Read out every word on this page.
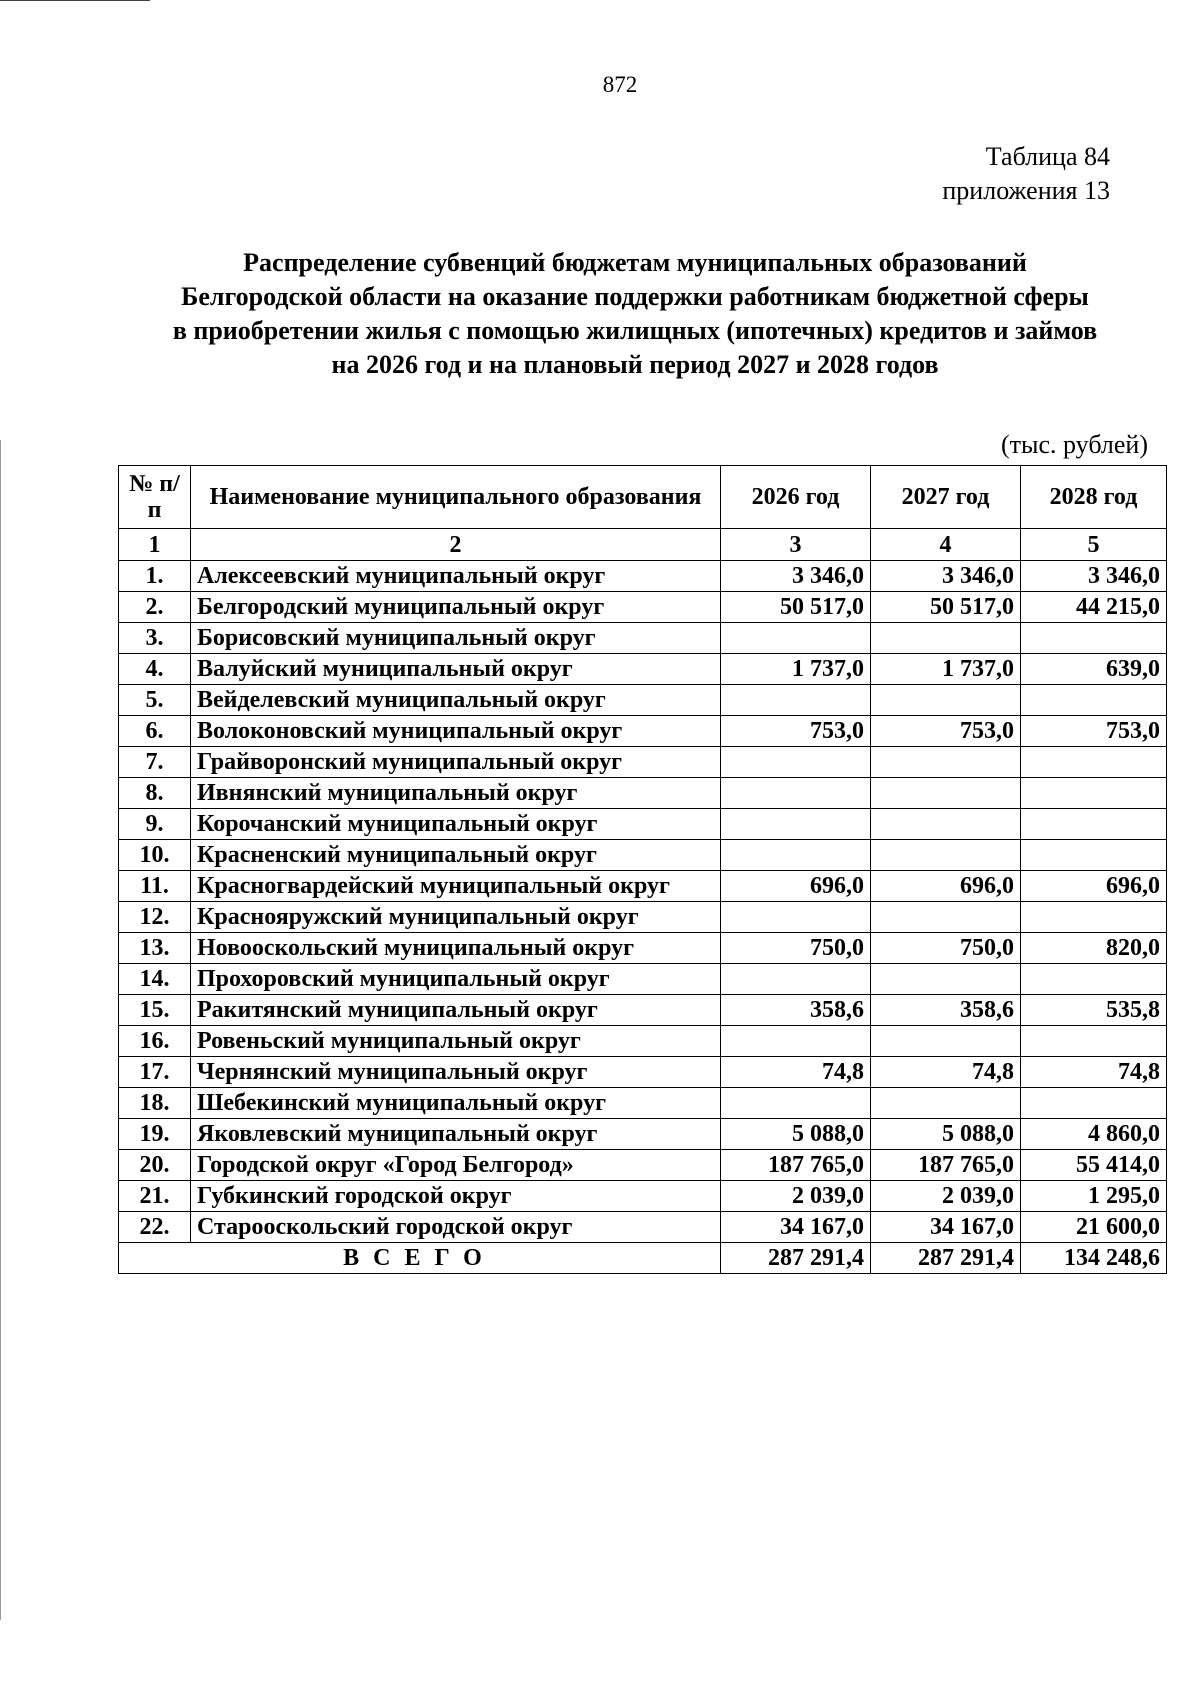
872
Таблица 84
приложения 13
Распределение субвенций бюджетам муниципальных образований
Белгородской области на оказание поддержки работникам бюджетной сферы
в приобретении жилья с помощью жилищных (ипотечных) кредитов и займов
на 2026 год и на плановый период 2027 и 2028 годов
(тыс. рублей)
№ п/п	Наименование муниципального образования	2026 год	2027 год	2028 год
1	2	3	4	5
1.	Алексеевский муниципальный округ	3 346,0	3 346,0	3 346,0
2.	Белгородский муниципальный округ	50 517,0	50 517,0	44 215,0
3.	Борисовский муниципальный округ			
4.	Валуйский муниципальный округ	1 737,0	1 737,0	639,0
5.	Вейделевский муниципальный округ			
6.	Волоконовский муниципальный округ	753,0	753,0	753,0
7.	Грайворонский муниципальный округ			
8.	Ивнянский муниципальный округ			
9.	Корочанский муниципальный округ			
10.	Красненский муниципальный округ			
11.	Красногвардейский муниципальный округ	696,0	696,0	696,0
12.	Краснояружский муниципальный округ			
13.	Новооскольский муниципальный округ	750,0	750,0	820,0
14.	Прохоровский муниципальный округ			
15.	Ракитянский муниципальный округ	358,6	358,6	535,8
16.	Ровеньский муниципальный округ			
17.	Чернянский муниципальный округ	74,8	74,8	74,8
18.	Шебекинский муниципальный округ			
19.	Яковлевский муниципальный округ	5 088,0	5 088,0	4 860,0
20.	Городской округ «Город Белгород»	187 765,0	187 765,0	55 414,0
21.	Губкинский городской округ	2 039,0	2 039,0	1 295,0
22.	Старооскольский городской округ	34 167,0	34 167,0	21 600,0
ВСЕГО		287 291,4	287 291,4	134 248,6
